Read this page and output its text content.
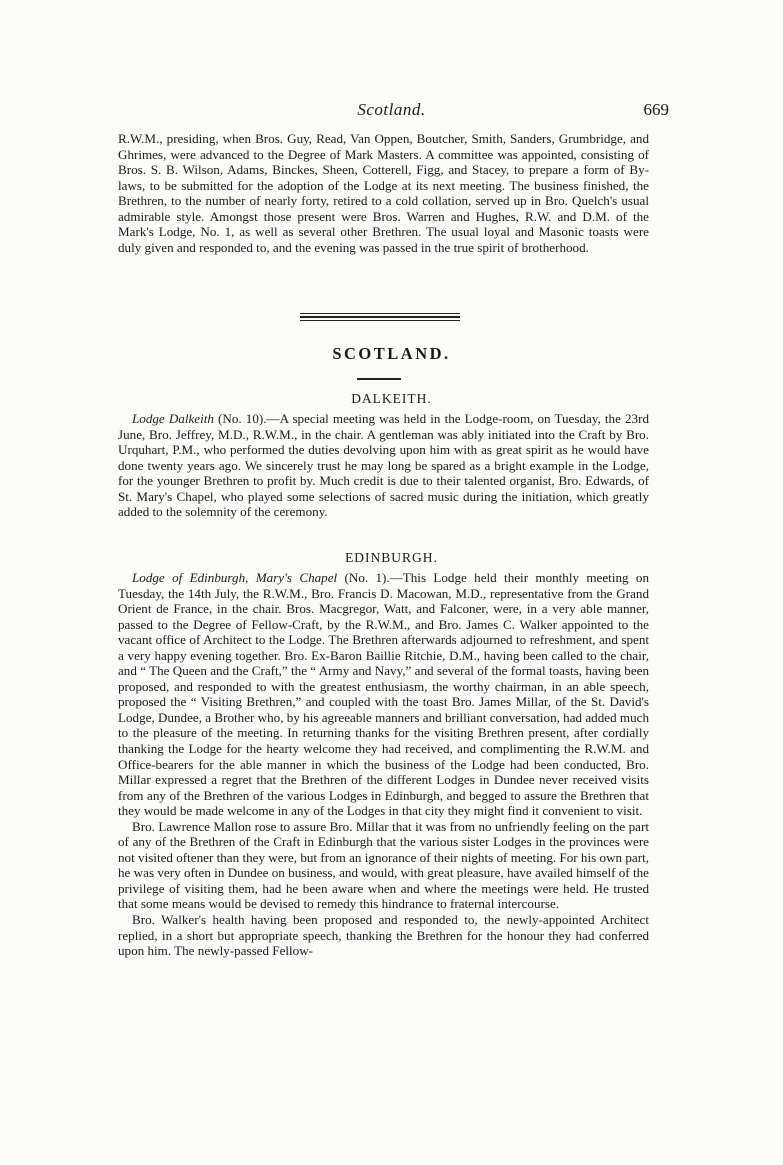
Scotland.	669

R.W.M., presiding, when Bros. Guy, Read, Van Oppen, Boutcher, Smith, Sanders, Grumbridge, and Ghrimes, were advanced to the Degree of Mark Masters. A committee was appointed, consisting of Bros. S. B. Wilson, Adams, Binckes, Sheen, Cotterell, Figg, and Stacey, to prepare a form of By-laws, to be submitted for the adoption of the Lodge at its next meeting. The business finished, the Brethren, to the number of nearly forty, retired to a cold collation, served up in Bro. Quelch's usual admirable style. Amongst those present were Bros. Warren and Hughes, R.W. and D.M. of the Mark's Lodge, No. 1, as well as several other Brethren. The usual loyal and Masonic toasts were duly given and responded to, and the evening was passed in the true spirit of brotherhood.

SCOTLAND.
DALKEITH.

Lodge Dalkeith (No. 10).—A special meeting was held in the Lodge-room, on Tuesday, the 23rd June, Bro. Jeffrey, M.D., R.W.M., in the chair. A gentleman was ably initiated into the Craft by Bro. Urquhart, P.M., who performed the duties devolving upon him with as great spirit as he would have done twenty years ago. We sincerely trust he may long be spared as a bright example in the Lodge, for the younger Brethren to profit by. Much credit is due to their talented organist, Bro. Edwards, of St. Mary's Chapel, who played some selections of sacred music during the initiation, which greatly added to the solemnity of the ceremony.

EDINBURGH.

Lodge of Edinburgh, Mary's Chapel (No. 1).—This Lodge held their monthly meeting on Tuesday, the 14th July, the R.W.M., Bro. Francis D. Macowan, M.D., representative from the Grand Orient de France, in the chair. Bros. Macgregor, Watt, and Falconer, were, in a very able manner, passed to the Degree of Fellow-Craft, by the R.W.M., and Bro. James C. Walker appointed to the vacant office of Architect to the Lodge. The Brethren afterwards adjourned to refreshment, and spent a very happy evening together. Bro. Ex-Baron Baillie Ritchie, D.M., having been called to the chair, and “ The Queen and the Craft,” the “ Army and Navy,” and several of the formal toasts, having been proposed, and responded to with the greatest enthusiasm, the worthy chairman, in an able speech, proposed the “ Visiting Brethren,” and coupled with the toast Bro. James Millar, of the St. David's Lodge, Dundee, a Brother who, by his agreeable manners and brilliant conversation, had added much to the pleasure of the meeting. In returning thanks for the visiting Brethren present, after cordially thanking the Lodge for the hearty welcome they had received, and complimenting the R.W.M. and Office-bearers for the able manner in which the business of the Lodge had been conducted, Bro. Millar expressed a regret that the Brethren of the different Lodges in Dundee never received visits from any of the Brethren of the various Lodges in Edinburgh, and begged to assure the Brethren that they would be made welcome in any of the Lodges in that city they might find it convenient to visit.

Bro. Lawrence Mallon rose to assure Bro. Millar that it was from no unfriendly feeling on the part of any of the Brethren of the Craft in Edinburgh that the various sister Lodges in the provinces were not visited oftener than they were, but from an ignorance of their nights of meeting. For his own part, he was very often in Dundee on business, and would, with great pleasure, have availed himself of the privilege of visiting them, had he been aware when and where the meetings were held. He trusted that some means would be devised to remedy this hindrance to fraternal intercourse.

Bro. Walker's health having been proposed and responded to, the newly-appointed Architect replied, in a short but appropriate speech, thanking the Brethren for the honour they had conferred upon him. The newly-passed Fellow-
